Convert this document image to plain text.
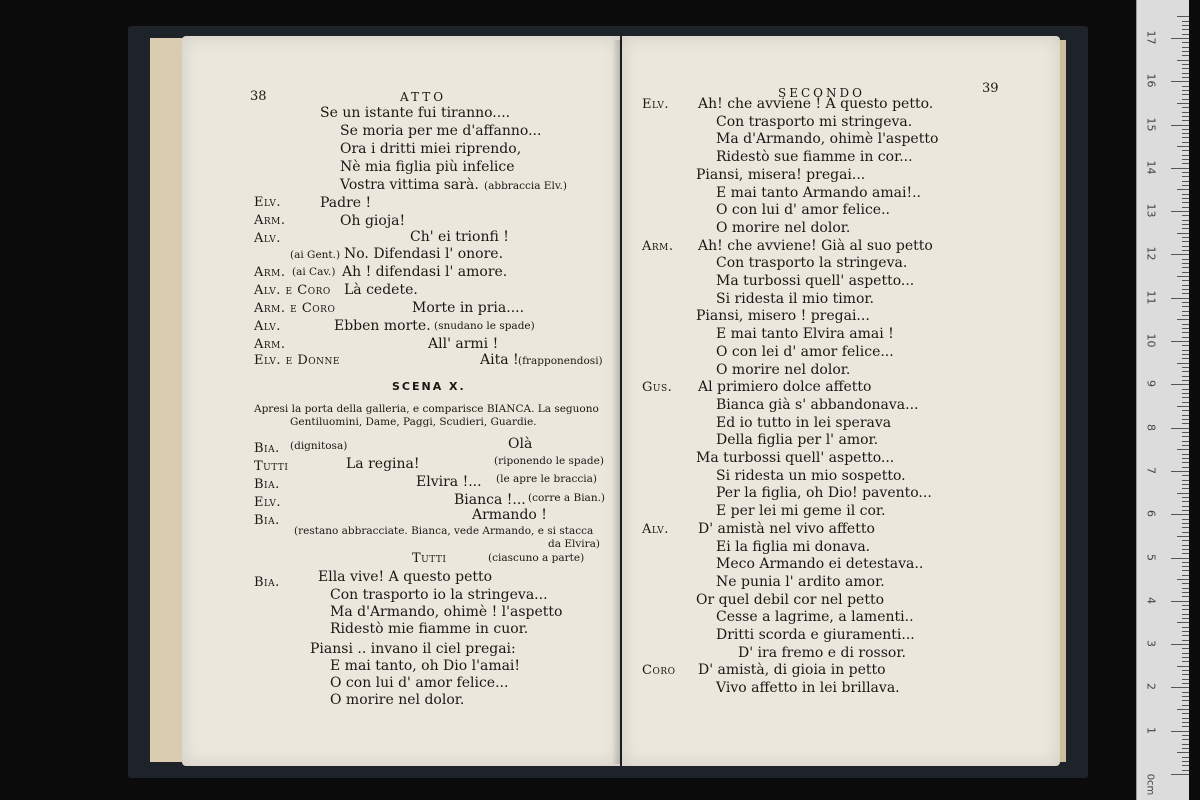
38	ATTO
Se un istante fui tiranno....
Se moria per me d'affanno...
Ora i dritti miei riprendo,
Nè mia figlia più infelice
Vostra vittima sarà. (abbraccia Elv.)
Elv.	Padre !
Arm.	Oh gioja!
Alv.	Ch' ei trionfi !
(ai Gent.) No. Difendasi l' onore.
Arm. (ai Cav.) Ah ! difendasi l' amore.
Alv. e Coro Là cedete.
Arm. e Coro	Morte in pria....
Alv.	Ebben morte. (snudano le spade)
Arm.	All' armi !
Elv. e Donne	Aita ! (frapponendosi)
SCENA X.
Apresi la porta della galleria, e comparisce BIANCA. La seguono
Gentiluomini, Dame, Paggi, Scudieri, Guardie.
Bia. (dignitosa)	Olà
Tutti	La regina!	(riponendo le spade)
Bia.	Elvira !... (le apre le braccia)
Elv.	Bianca !... (corre a Bian.)
Bia.	Armando !
(restano abbracciate. Bianca, vede Armando, e si stacca
da Elvira)
Tutti	(ciascuno a parte)
Bia.	Ella vive! A questo petto
Con trasporto io la stringeva...
Ma d'Armando, ohimè ! l'aspetto
Ridestò mie fiamme in cuor.
Piansi .. invano il ciel pregai:
E mai tanto, oh Dio l'amai!
O con lui d' amor felice...
O morire nel dolor.
SECONDO	39
Elv. Ah! che avviene ! A questo petto.
Con trasporto mi stringeva.
Ma d'Armando, ohimè l'aspetto
Ridestò sue fiamme in cor...
Piansi, misera! pregai...
E mai tanto Armando amai!..
O con lui d' amor felice..
O morire nel dolor.
Arm. Ah! che avviene! Già al suo petto
Con trasporto la stringeva.
Ma turbossi quell' aspetto...
Si ridesta il mio timor.
Piansi, misero ! pregai...
E mai tanto Elvira amai !
O con lei d' amor felice...
O morire nel dolor.
Gus. Al primiero dolce affetto
Bianca già s' abbandonava...
Ed io tutto in lei sperava
Della figlia per l' amor.
Ma turbossi quell' aspetto...
Si ridesta un mio sospetto.
Per la figlia, oh Dio! pavento...
E per lei mi geme il cor.
Alv. D' amistà nel vivo affetto
Ei la figlia mi donava.
Meco Armando ei detestava..
Ne punia l' ardito amor.
Or quel debil cor nel petto
Cesse a lagrime, a lamenti..
Dritti scorda e giuramenti...
D' ira fremo e di rossor.
Coro D' amistà, di gioia in petto
Vivo affetto in lei brillava.
1
2
3
4
5
6
7
8
9
10
11
12
13
14
15
16
17
0cm
